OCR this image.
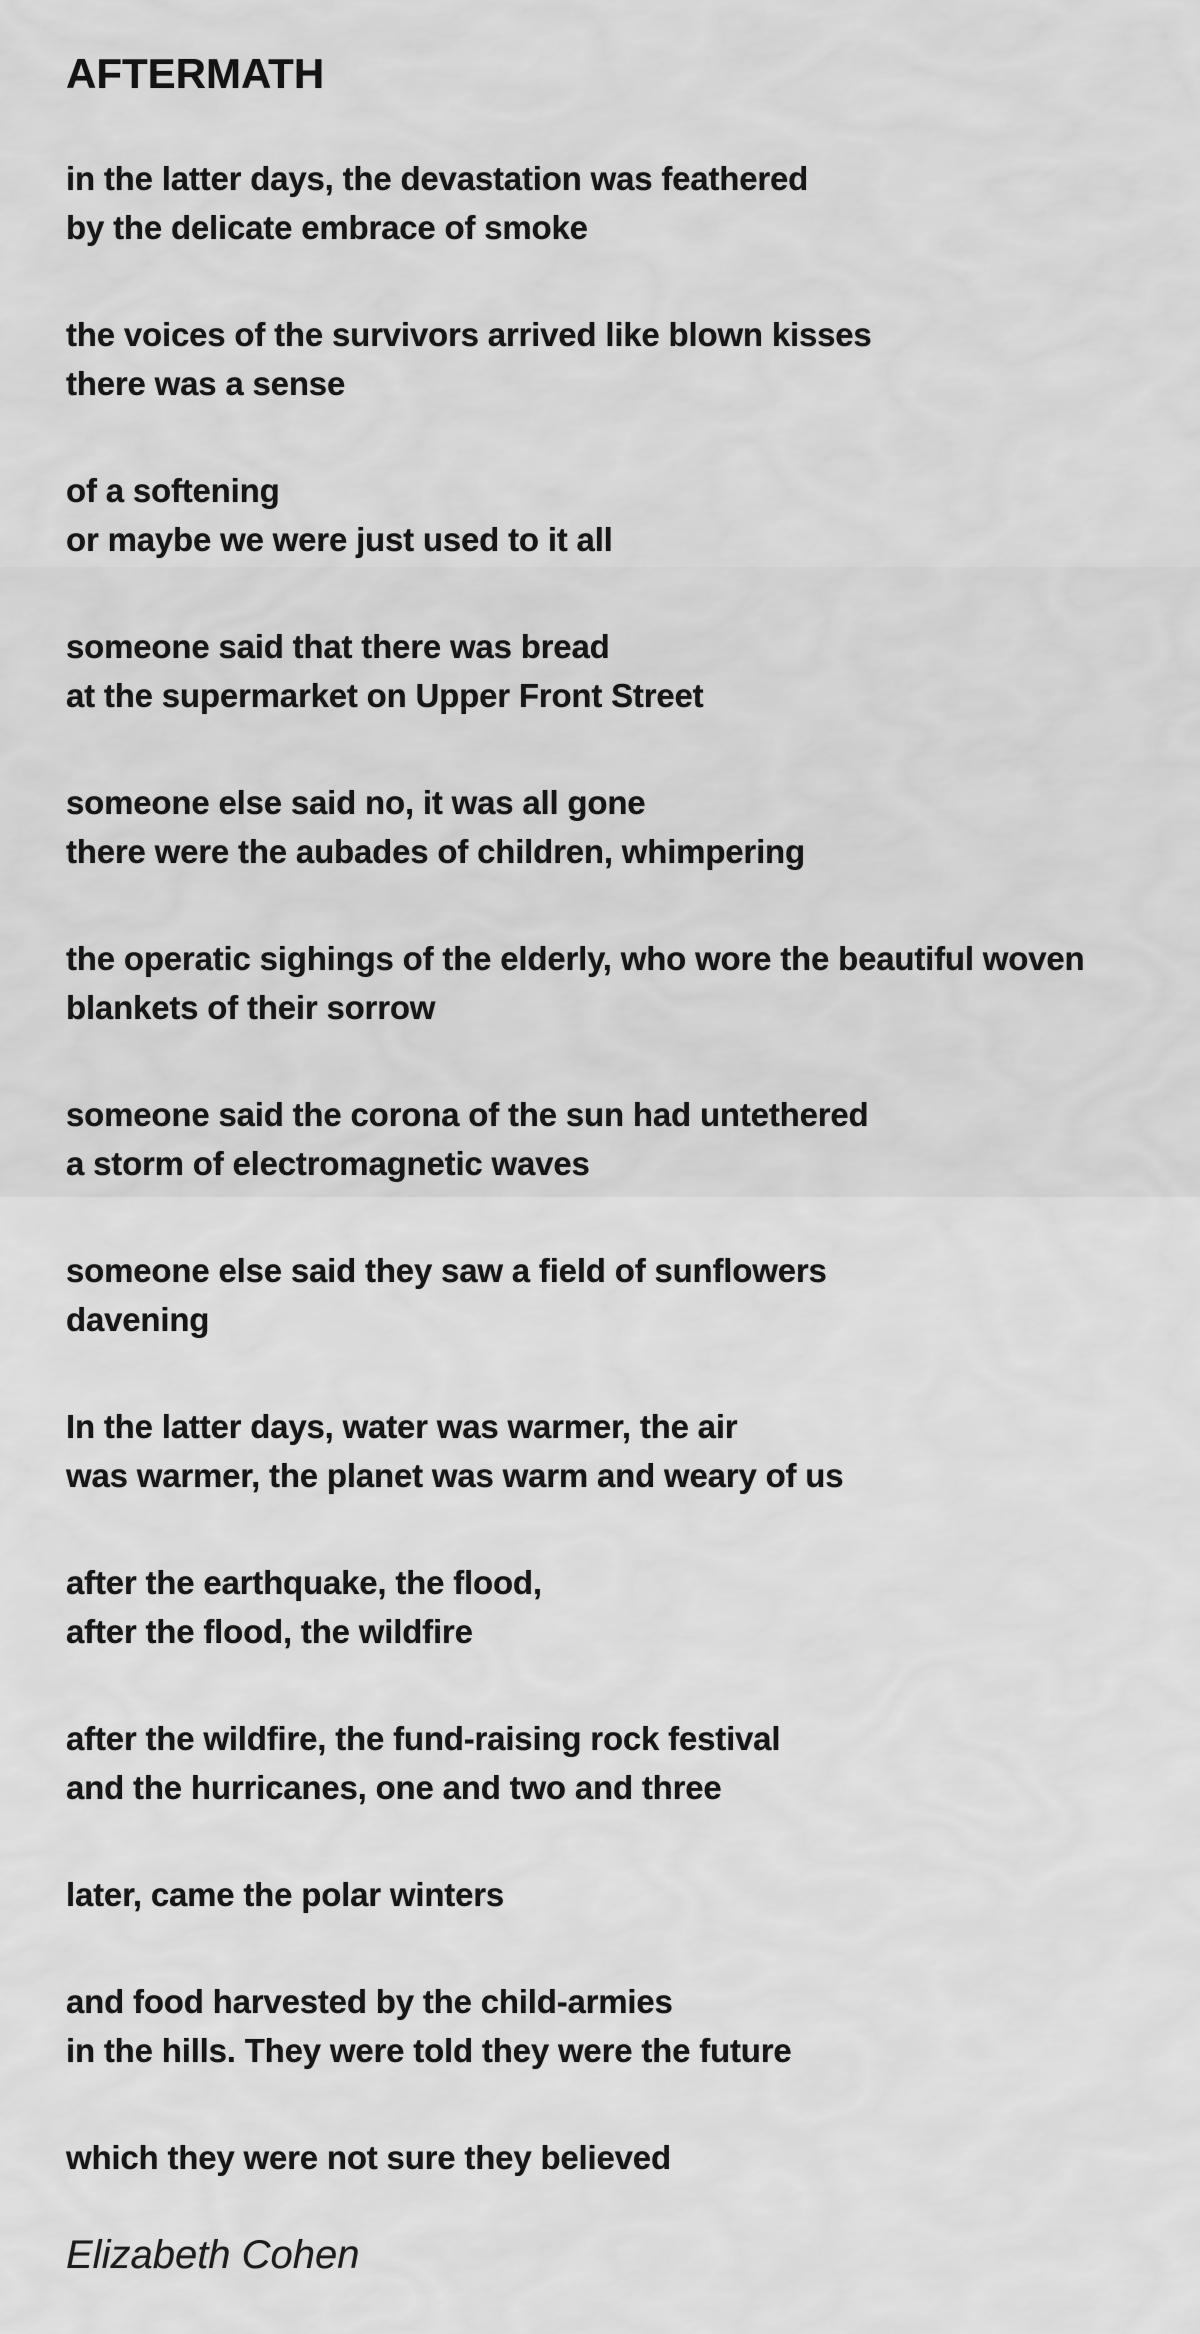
AFTERMATH
in the latter days, the devastation was feathered
by the delicate embrace of smoke
the voices of the survivors arrived like blown kisses
there was a sense
of a softening
or maybe we were just used to it all
someone said that there was bread
at the supermarket on Upper Front Street
someone else said no, it was all gone
there were the aubades of children, whimpering
the operatic sighings of the elderly, who wore the beautiful woven
blankets of their sorrow
someone said the corona of the sun had untethered
a storm of electromagnetic waves
someone else said they saw a field of sunflowers
davening
In the latter days, water was warmer, the air
was warmer, the planet was warm and weary of us
after the earthquake, the flood,
after the flood, the wildfire
after the wildfire, the fund-raising rock festival
and the hurricanes, one and two and three
later, came the polar winters
and food harvested by the child-armies
in the hills. They were told they were the future
which they were not sure they believed
Elizabeth Cohen
